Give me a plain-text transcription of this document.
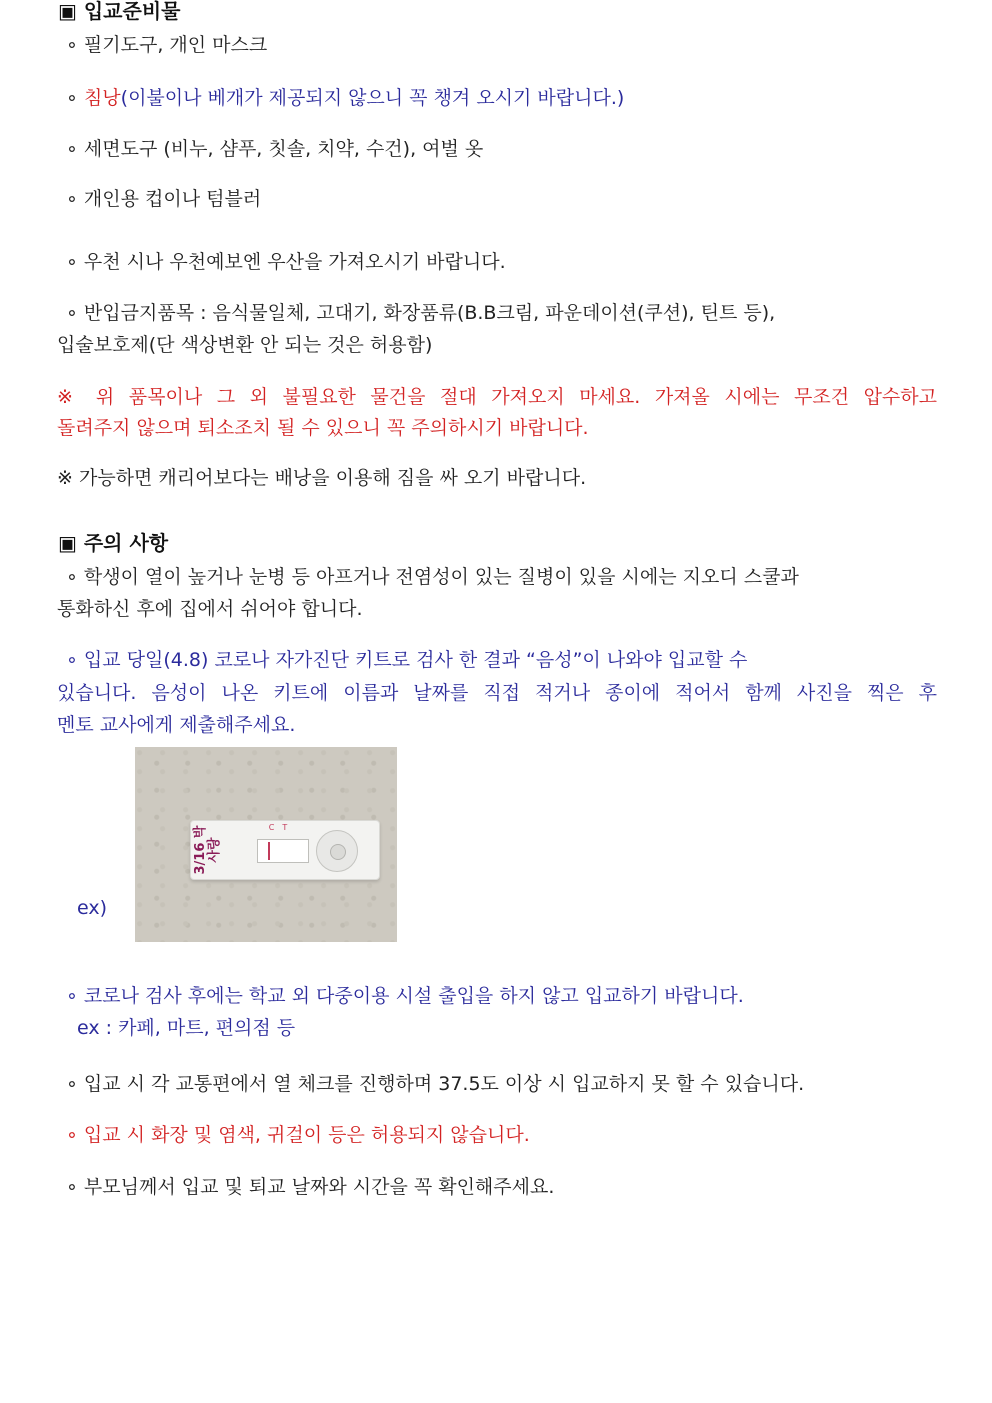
▣ 입교준비물
∘ 필기도구, 개인 마스크
∘ 침낭(이불이나 베개가 제공되지 않으니 꼭 챙겨 오시기 바랍니다.)
∘ 세면도구 (비누, 샴푸, 칫솔, 치약, 수건), 여벌 옷
∘ 개인용 컵이나 텀블러
∘ 우천 시나 우천예보엔 우산을 가져오시기 바랍니다.
∘ 반입금지품목 : 음식물일체, 고대기, 화장품류(B.B크림, 파운데이션(쿠션), 틴트 등),
입술보호제(단 색상변환 안 되는 것은 허용함)
※ 위 품목이나 그 외 불필요한 물건을 절대 가져오지 마세요. 가져올 시에는 무조건 압수하고
돌려주지 않으며 퇴소조치 될 수 있으니 꼭 주의하시기 바랍니다.
※ 가능하면 캐리어보다는 배낭을 이용해 짐을 싸 오기 바랍니다.
▣ 주의 사항
∘ 학생이 열이 높거나 눈병 등 아프거나 전염성이 있는 질병이 있을 시에는 지오디 스쿨과
통화하신 후에 집에서 쉬어야 합니다.
∘ 입교 당일(4.8) 코로나 자가진단 키트로 검사 한 결과 “음성”이 나와야 입교할 수
있습니다. 음성이 나온 키트에 이름과 날짜를 직접 적거나 종이에 적어서 함께 사진을 찍은 후
멘토 교사에게 제출해주세요.
ex)
3/16 박사랑
CT
∘ 코로나 검사 후에는 학교 외 다중이용 시설 출입을 하지 않고 입교하기 바랍니다.
ex : 카페, 마트, 편의점 등
∘ 입교 시 각 교통편에서 열 체크를 진행하며 37.5도 이상 시 입교하지 못 할 수 있습니다.
∘ 입교 시 화장 및 염색, 귀걸이 등은 허용되지 않습니다.
∘ 부모님께서 입교 및 퇴교 날짜와 시간을 꼭 확인해주세요.
